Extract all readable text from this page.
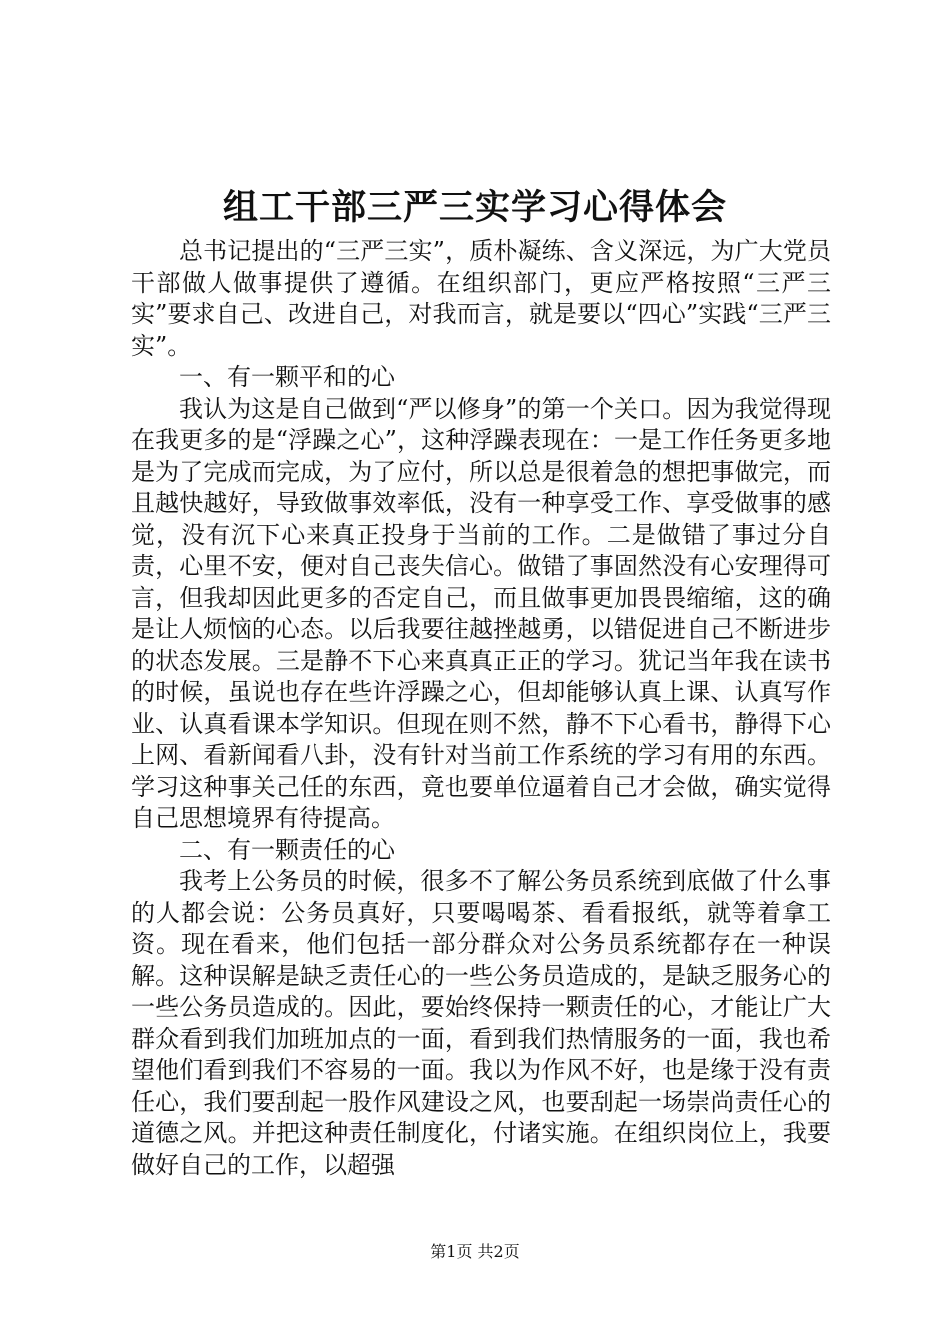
组工干部三严三实学习心得体会

总书记提出的“三严三实”，质朴凝练、含义深远，为广大党员干部做人做事提供了遵循。在组织部门，更应严格按照“三严三实”要求自己、改进自己，对我而言，就是要以“四心”实践“三严三实”。

一、有一颗平和的心

我认为这是自己做到“严以修身”的第一个关口。因为我觉得现在我更多的是“浮躁之心”，这种浮躁表现在：一是工作任务更多地是为了完成而完成，为了应付，所以总是很着急的想把事做完，而且越快越好，导致做事效率低，没有一种享受工作、享受做事的感觉，没有沉下心来真正投身于当前的工作。二是做错了事过分自责，心里不安，便对自己丧失信心。做错了事固然没有心安理得可言，但我却因此更多的否定自己，而且做事更加畏畏缩缩，这的确是让人烦恼的心态。以后我要往越挫越勇，以错促进自己不断进步的状态发展。三是静不下心来真真正正的学习。犹记当年我在读书的时候，虽说也存在些许浮躁之心，但却能够认真上课、认真写作业、认真看课本学知识。但现在则不然，静不下心看书，静得下心上网、看新闻看八卦，没有针对当前工作系统的学习有用的东西。学习这种事关己任的东西，竟也要单位逼着自己才会做，确实觉得自己思想境界有待提高。

二、有一颗责任的心

我考上公务员的时候，很多不了解公务员系统到底做了什么事的人都会说：公务员真好，只要喝喝茶、看看报纸，就等着拿工资。现在看来，他们包括一部分群众对公务员系统都存在一种误解。这种误解是缺乏责任心的一些公务员造成的，是缺乏服务心的一些公务员造成的。因此，要始终保持一颗责任的心，才能让广大群众看到我们加班加点的一面，看到我们热情服务的一面，我也希望他们看到我们不容易的一面。我以为作风不好，也是缘于没有责任心，我们要刮起一股作风建设之风，也要刮起一场崇尚责任心的道德之风。并把这种责任制度化，付诸实施。在组织岗位上，我要做好自己的工作，以超强

第1页 共2页
